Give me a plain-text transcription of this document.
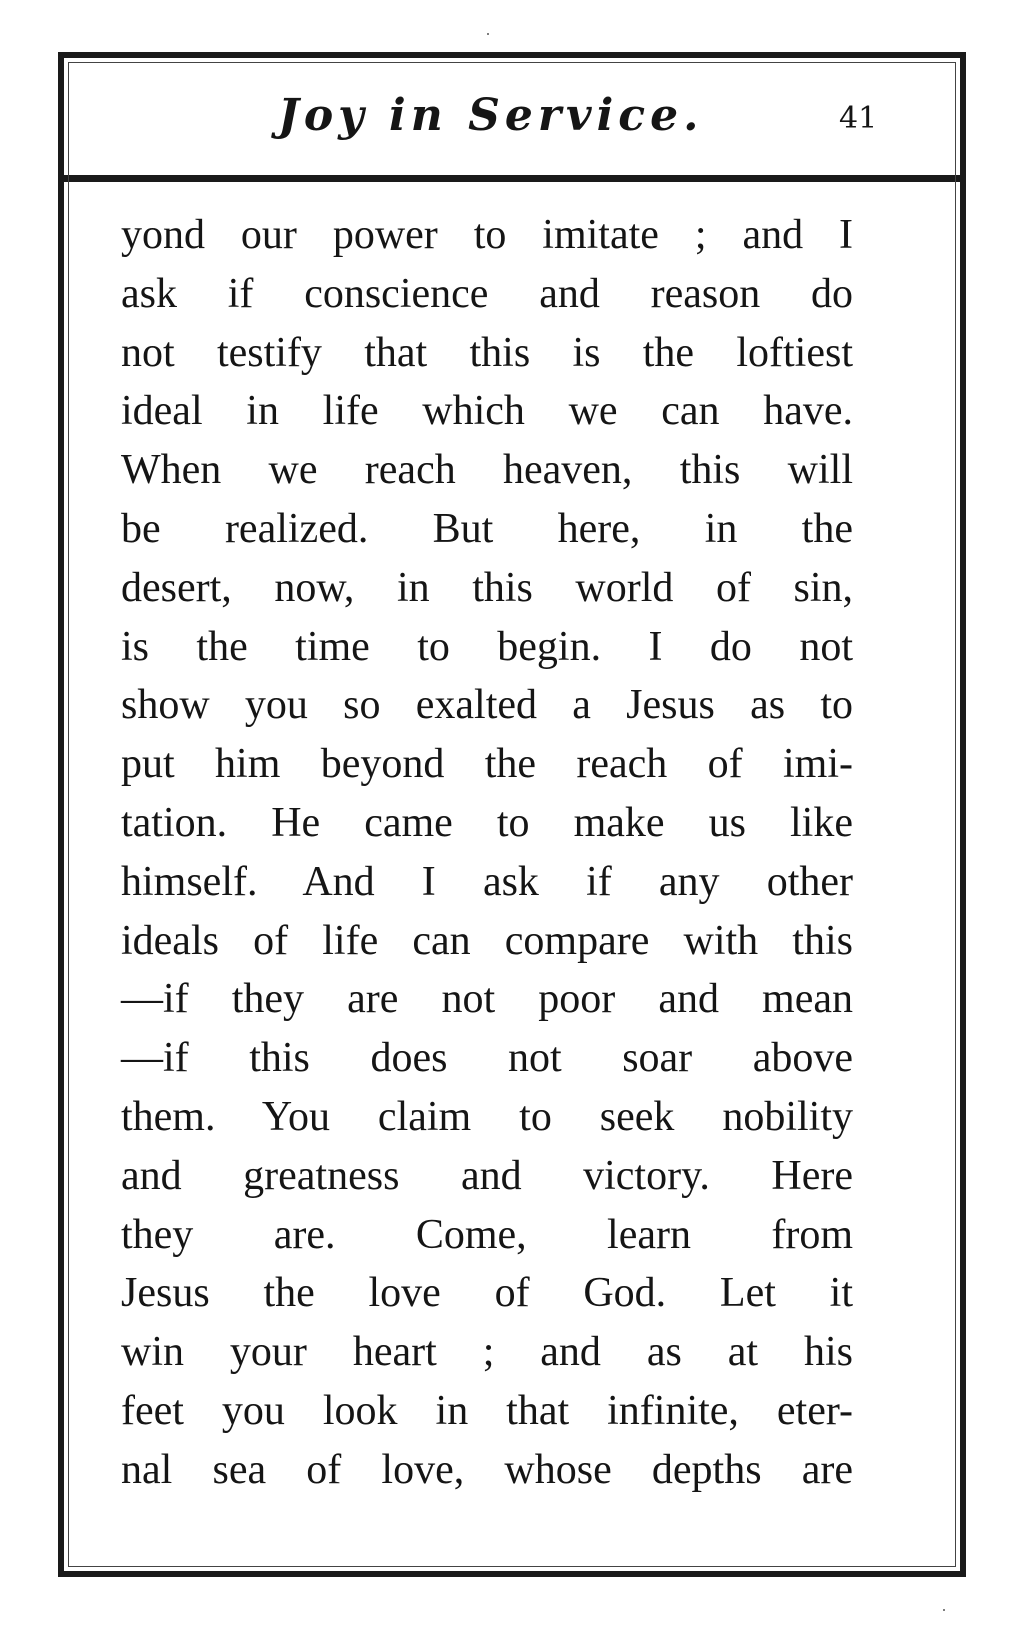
Joy in Service.	41
yond our power to imitate ; and I
ask if conscience and reason do
not testify that this is the loftiest
ideal in life which we can have.
When we reach heaven, this will
be realized. But here, in the
desert, now, in this world of sin,
is the time to begin. I do not
show you so exalted a Jesus as to
put him beyond the reach of imi-
tation. He came to make us like
himself. And I ask if any other
ideals of life can compare with this
—if they are not poor and mean
—if this does not soar above
them. You claim to seek nobility
and greatness and victory. Here
they are. Come, learn from
Jesus the love of God. Let it
win your heart ; and as at his
feet you look in that infinite, eter-
nal sea of love, whose depths are
